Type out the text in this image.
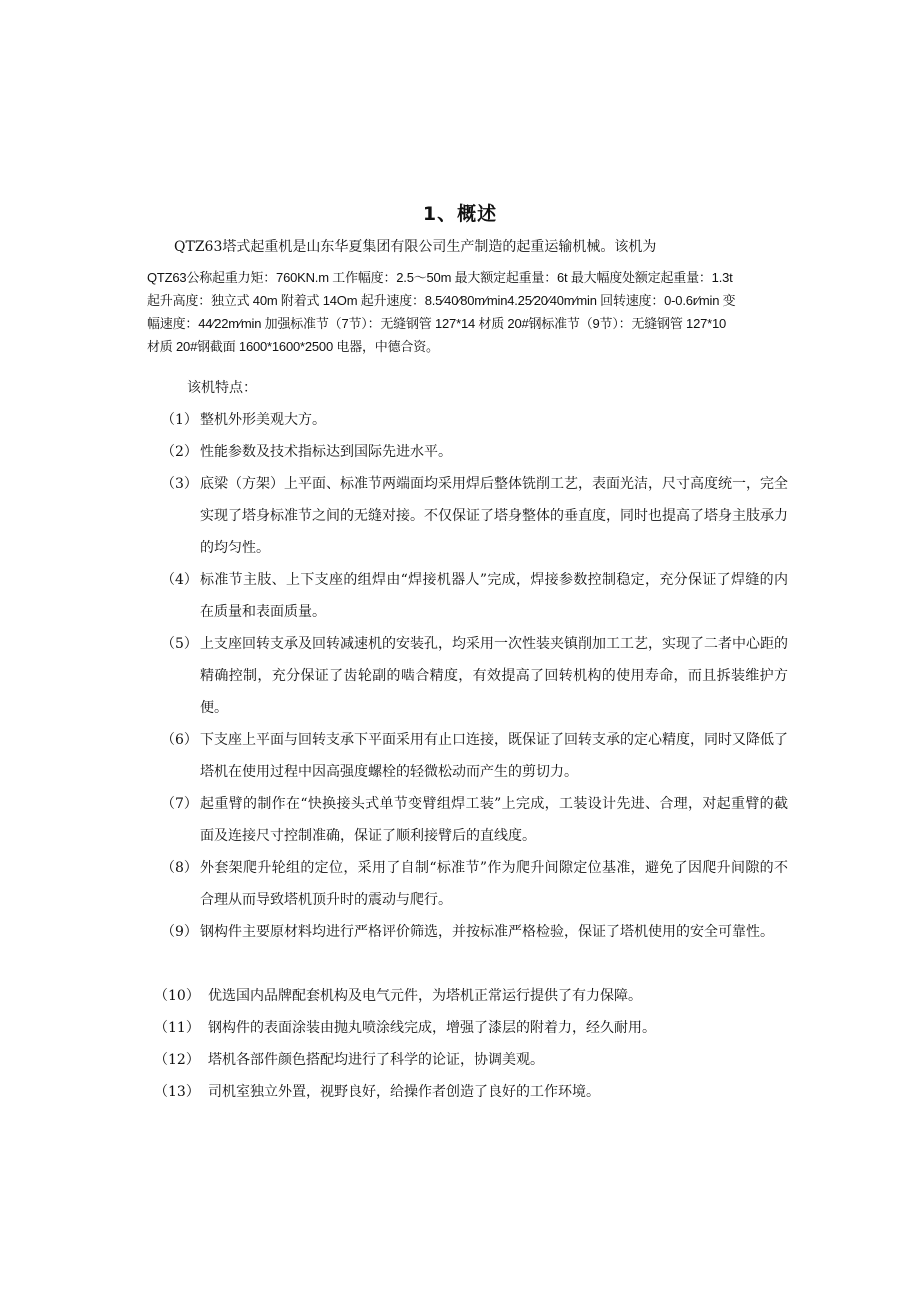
1、概述

QTZ63塔式起重机是山东华夏集团有限公司生产制造的起重运输机械。该机为

QTZ63公称起重力矩：760KN.m 工作幅度：2.5～50m 最大额定起重量：6t 最大幅度处额定起重量：1.3t
起升高度：独立式 40m 附着式 14Om 起升速度：8.5⁄40⁄80m⁄min4.25⁄20⁄40m⁄min 回转速度：0-0.6r⁄min 变
幅速度：44⁄22m⁄min 加强标准节（7节）：无缝钢管 127*14 材质 20#钢标准节（9节）：无缝钢管 127*10
材质 20#钢截面 1600*1600*2500 电器，中德合资。

该机特点：

（1） 整机外形美观大方。
（2） 性能参数及技术指标达到国际先进水平。
（3） 底梁（方架）上平面、标准节两端面均采用焊后整体铣削工艺，表面光洁，尺寸高度统一，完全实现了塔身标准节之间的无缝对接。不仅保证了塔身整体的垂直度，同时也提高了塔身主肢承力的均匀性。
（4） 标准节主肢、上下支座的组焊由“焊接机器人”完成，焊接参数控制稳定，充分保证了焊缝的内在质量和表面质量。
（5） 上支座回转支承及回转减速机的安装孔，均采用一次性装夹镇削加工工艺，实现了二者中心距的精确控制，充分保证了齿轮副的啮合精度，有效提高了回转机构的使用寿命，而且拆装维护方便。
（6） 下支座上平面与回转支承下平面采用有止口连接，既保证了回转支承的定心精度，同时又降低了塔机在使用过程中因高强度螺栓的轻微松动而产生的剪切力。
（7） 起重臂的制作在“快换接头式单节变臂组焊工装”上完成，工装设计先进、合理，对起重臂的截面及连接尺寸控制准确，保证了顺利接臂后的直线度。
（8） 外套架爬升轮组的定位，采用了自制“标准节”作为爬升间隙定位基准，避免了因爬升间隙的不合理从而导致塔机顶升时的震动与爬行。
（9） 钢构件主要原材料均进行严格评价筛选，并按标准严格检验，保证了塔机使用的安全可靠性。
（10） 优选国内品牌配套机构及电气元件，为塔机正常运行提供了有力保障。
（11） 钢构件的表面涂装由抛丸喷涂线完成，增强了漆层的附着力，经久耐用。
（12） 塔机各部件颜色搭配均进行了科学的论证，协调美观。
（13） 司机室独立外置，视野良好，给操作者创造了良好的工作环境。
